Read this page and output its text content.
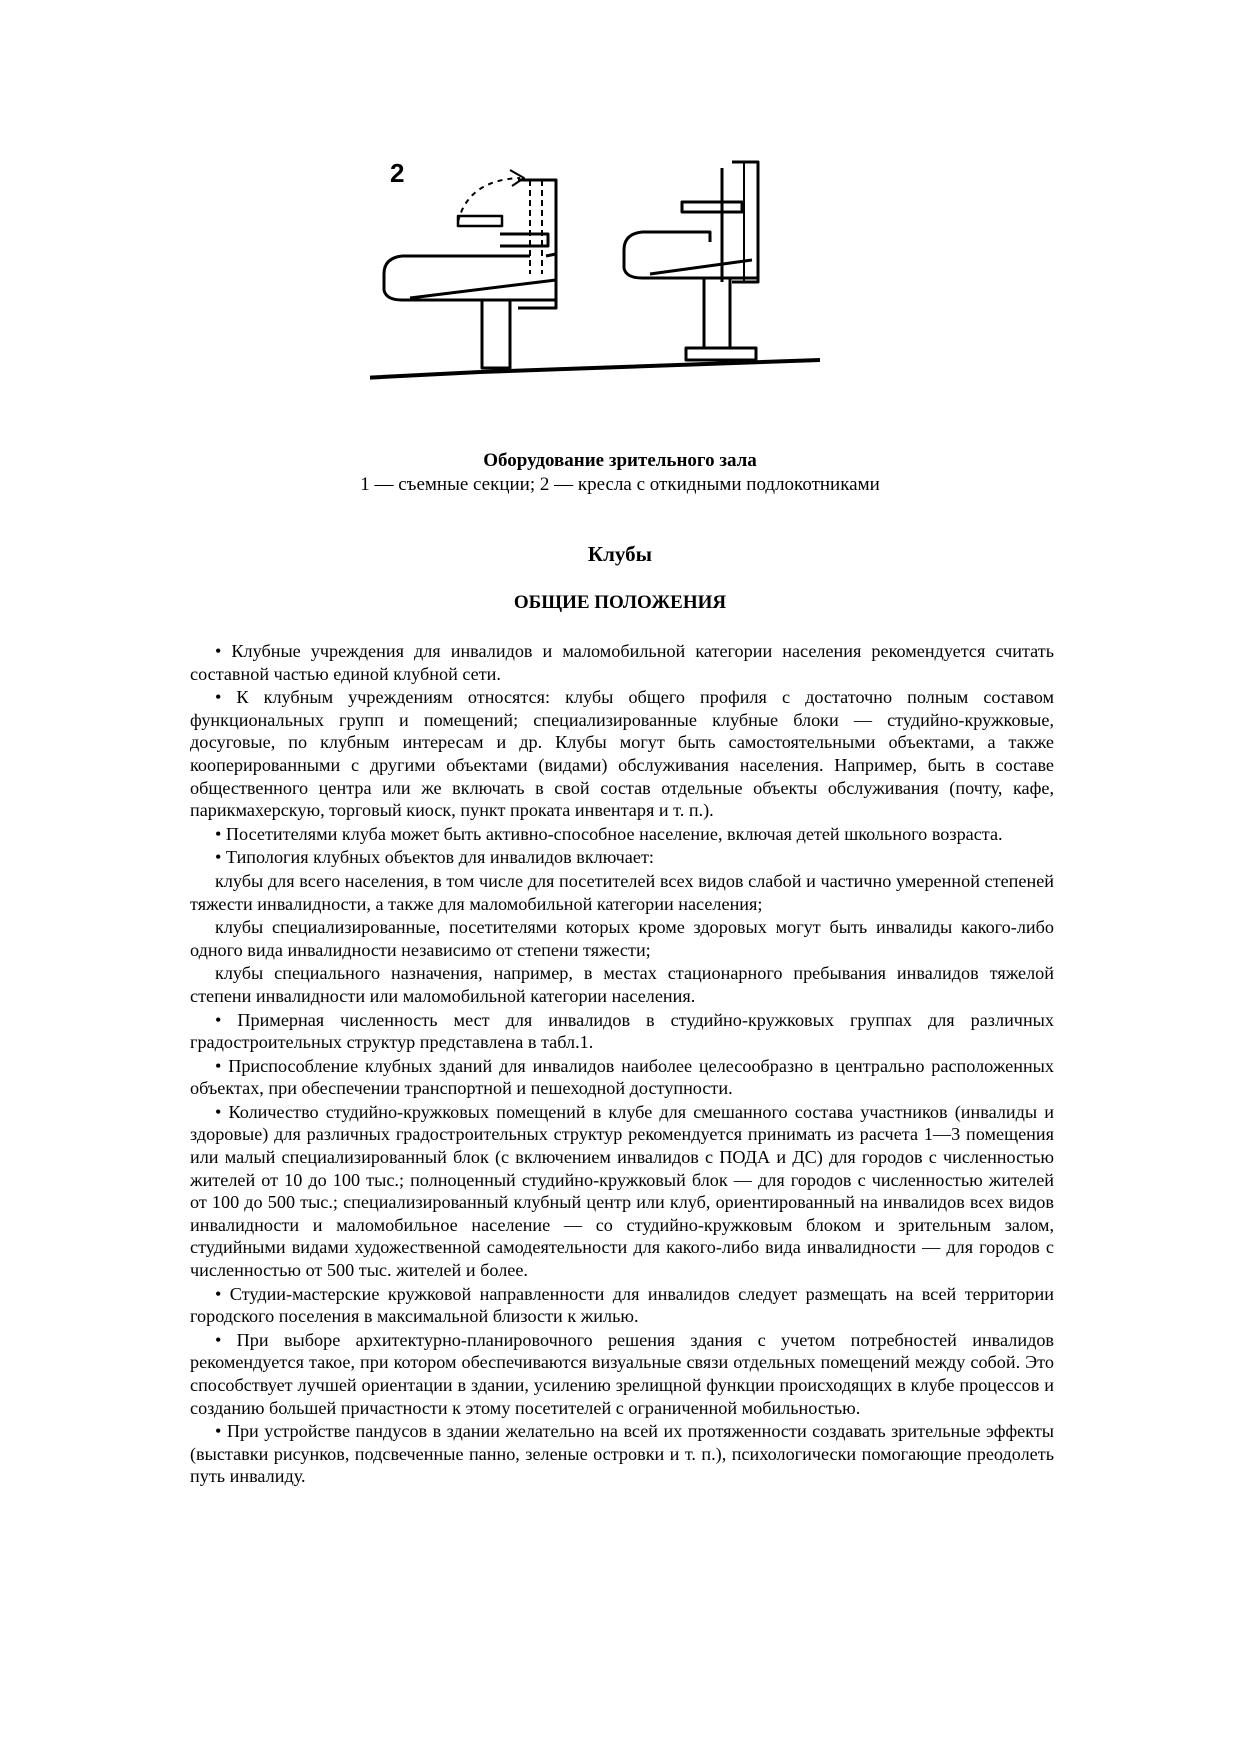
2
Оборудование зрительного зала
1 — съемные секции; 2 — кресла с откидными подлокотниками
Клубы
ОБЩИЕ ПОЛОЖЕНИЯ

• Клубные учреждения для инвалидов и маломобильной категории населения рекомендуется считать составной частью единой клубной сети.

• К клубным учреждениям относятся: клубы общего профиля с достаточно полным составом функциональных групп и помещений; специализированные клубные блоки — студийно-кружковые, досуговые, по клубным интересам и др. Клубы могут быть самостоятельными объектами, а также кооперированными с другими объектами (видами) обслуживания населения. Например, быть в составе общественного центра или же включать в свой состав отдельные объекты обслуживания (почту, кафе, парикмахерскую, торговый киоск, пункт проката инвентаря и т. п.).

• Посетителями клуба может быть активно-способное население, включая детей школьного возраста.

• Типология клубных объектов для инвалидов включает:

клубы для всего населения, в том числе для посетителей всех видов слабой и частично умеренной степеней тяжести инвалидности, а также для маломобильной категории населения;

клубы специализированные, посетителями которых кроме здоровых могут быть инвалиды какого-либо одного вида инвалидности независимо от степени тяжести;

клубы специального назначения, например, в местах стационарного пребывания инвалидов тяжелой степени инвалидности или маломобильной категории населения.

• Примерная численность мест для инвалидов в студийно-кружковых группах для различных градостроительных структур представлена в табл.1.

• Приспособление клубных зданий для инвалидов наиболее целесообразно в центрально расположенных объектах, при обеспечении транспортной и пешеходной доступности.

• Количество студийно-кружковых помещений в клубе для смешанного состава участников (инвалиды и здоровые) для различных градостроительных структур рекомендуется принимать из расчета 1—3 помещения или малый специализированный блок (с включением инвалидов с ПОДА и ДС) для городов с численностью жителей от 10 до 100 тыс.; полноценный студийно-кружковый блок — для городов с численностью жителей от 100 до 500 тыс.; специализированный клубный центр или клуб, ориентированный на инвалидов всех видов инвалидности и маломобильное население — со студийно-кружковым блоком и зрительным залом, студийными видами художественной самодеятельности для какого-либо вида инвалидности — для городов с численностью от 500 тыс. жителей и более.

• Студии-мастерские кружковой направленности для инвалидов следует размещать на всей территории городского поселения в максимальной близости к жилью.

• При выборе архитектурно-планировочного решения здания с учетом потребностей инвалидов рекомендуется такое, при котором обеспечиваются визуальные связи отдельных помещений между собой. Это способствует лучшей ориентации в здании, усилению зрелищной функции происходящих в клубе процессов и созданию большей причастности к этому посетителей с ограниченной мобильностью.

• При устройстве пандусов в здании желательно на всей их протяженности создавать зрительные эффекты (выставки рисунков, подсвеченные панно, зеленые островки и т. п.), психологически помогающие преодолеть путь инвалиду.
